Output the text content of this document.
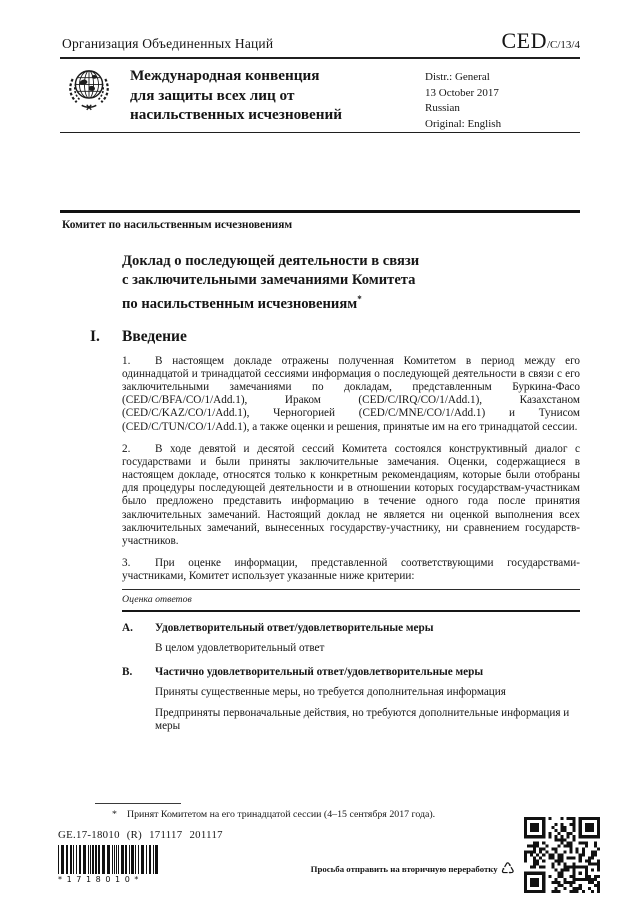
Организация Объединенных Наций	CED /C/13/4
Международная конвенция
для защиты всех лиц от
насильственных исчезновений
Distr.: General
13 October 2017
Russian
Original: English
Комитет по насильственным исчезновениям
Доклад о последующей деятельности в связи
с заключительными замечаниями Комитета
по насильственным исчезновениям*
I. Введение

1. В настоящем докладе отражены полученная Комитетом в период между его одиннадцатой и тринадцатой сессиями информация о последующей деятельности в связи с его заключительными замечаниями по докладам, представленным Буркина-Фасо (CED/C/BFA/CO/1/Add.1), Ираком (CED/C/IRQ/CO/1/Add.1), Казахстаном (CED/C/KAZ/CO/1/Add.1), Черногорией (CED/C/MNE/CO/1/Add.1) и Тунисом (CED/C/TUN/CO/1/Add.1), а также оценки и решения, принятые им на его тринадцатой сессии.

2. В ходе девятой и десятой сессий Комитета состоялся конструктивный диалог с государствами и были приняты заключительные замечания. Оценки, содержащиеся в настоящем докладе, относятся только к конкретным рекомендациям, которые были отобраны для процедуры последующей деятельности и в отношении которых государствам-участникам было предложено представить информацию в течение одного года после принятия заключительных замечаний. Настоящий доклад не является ни оценкой выполнения всех заключительных замечаний, вынесенных государству-участнику, ни сравнением государств-участников.

3. При оценке информации, представленной соответствующими государствами-участниками, Комитет использует указанные ниже критерии:

Оценка ответов
A. Удовлетворительный ответ/удовлетворительные меры
В целом удовлетворительный ответ
B. Частично удовлетворительный ответ/удовлетворительные меры
Приняты существенные меры, но требуется дополнительная информация
Предприняты первоначальные действия, но требуются дополнительные информация и меры
* Принят Комитетом на его тринадцатой сессии (4–15 сентября 2017 года).
GE.17-18010 (R) 171117 201117
*1718010*
Просьба отправить на вторичную переработку ♺
